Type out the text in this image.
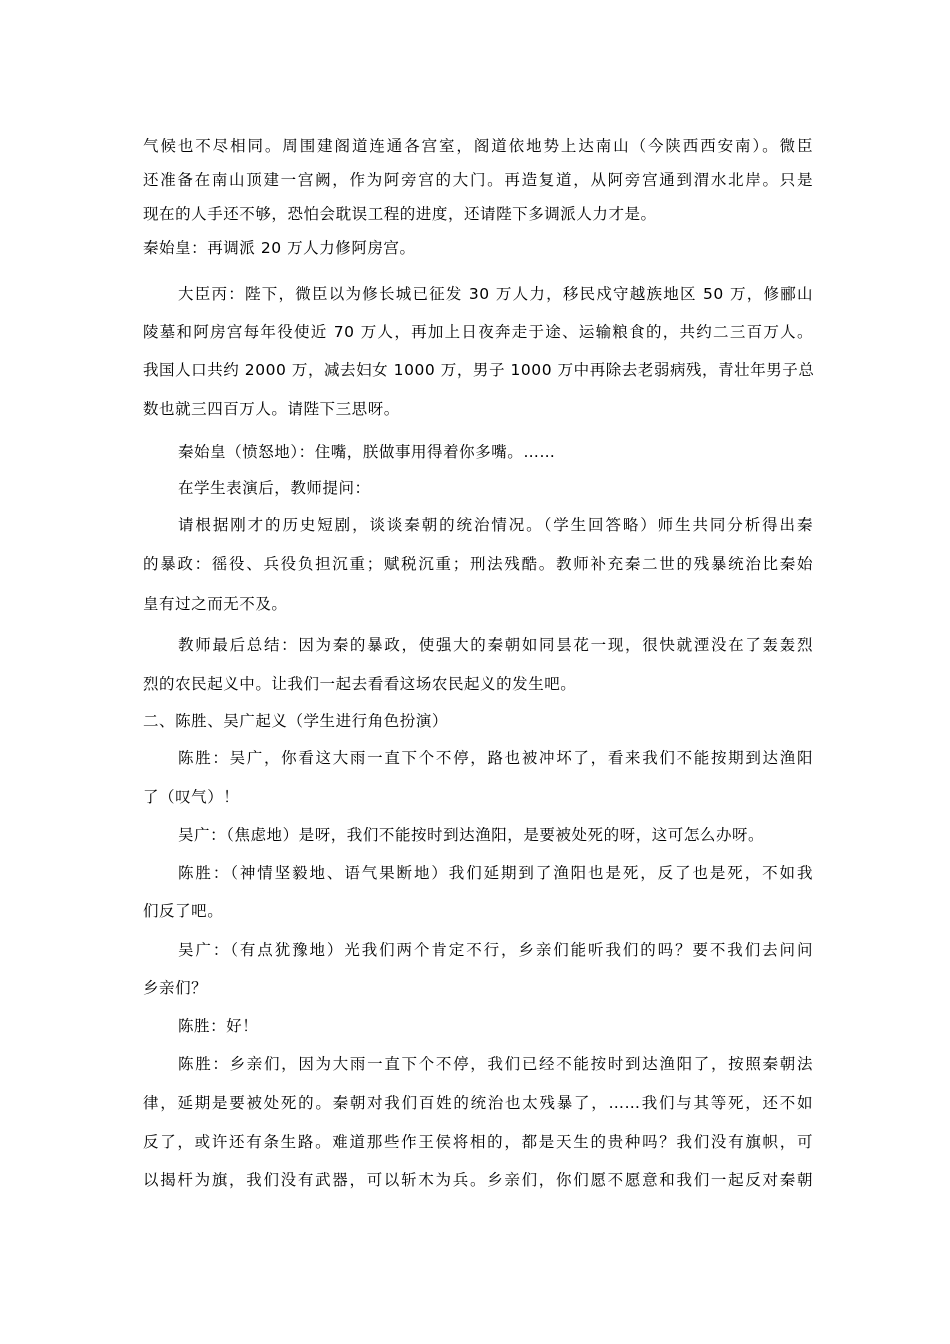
气候也不尽相同。周围建阁道连通各宫室，阁道依地势上达南山（今陕西西安南）。微臣
还准备在南山顶建一宫阙，作为阿旁宫的大门。再造复道，从阿旁宫通到渭水北岸。只是
现在的人手还不够，恐怕会耽误工程的进度，还请陛下多调派人力才是。
秦始皇：再调派 20 万人力修阿房宫。
大臣丙：陛下，微臣以为修长城已征发 30 万人力，移民戍守越族地区 50 万，修郦山
陵墓和阿房宫每年役使近 70 万人，再加上日夜奔走于途、运输粮食的，共约二三百万人。
我国人口共约 2000 万，减去妇女 1000 万，男子 1000 万中再除去老弱病残，青壮年男子总
数也就三四百万人。请陛下三思呀。
秦始皇（愤怒地）：住嘴，朕做事用得着你多嘴。……
在学生表演后，教师提问：
请根据刚才的历史短剧，谈谈秦朝的统治情况。（学生回答略）师生共同分析得出秦
的暴政：徭役、兵役负担沉重；赋税沉重；刑法残酷。教师补充秦二世的残暴统治比秦始
皇有过之而无不及。
教师最后总结：因为秦的暴政，使强大的秦朝如同昙花一现，很快就湮没在了轰轰烈
烈的农民起义中。让我们一起去看看这场农民起义的发生吧。
二、陈胜、吴广起义（学生进行角色扮演）
陈胜：吴广，你看这大雨一直下个不停，路也被冲坏了，看来我们不能按期到达渔阳
了（叹气）！
吴广：（焦虑地）是呀，我们不能按时到达渔阳，是要被处死的呀，这可怎么办呀。
陈胜：（神情坚毅地、语气果断地）我们延期到了渔阳也是死，反了也是死，不如我
们反了吧。
吴广：（有点犹豫地）光我们两个肯定不行，乡亲们能听我们的吗？要不我们去问问
乡亲们？
陈胜：好！
陈胜：乡亲们，因为大雨一直下个不停，我们已经不能按时到达渔阳了，按照秦朝法
律，延期是要被处死的。秦朝对我们百姓的统治也太残暴了，……我们与其等死，还不如
反了，或许还有条生路。难道那些作王侯将相的，都是天生的贵种吗？我们没有旗帜，可
以揭杆为旗，我们没有武器，可以斩木为兵。乡亲们，你们愿不愿意和我们一起反对秦朝
